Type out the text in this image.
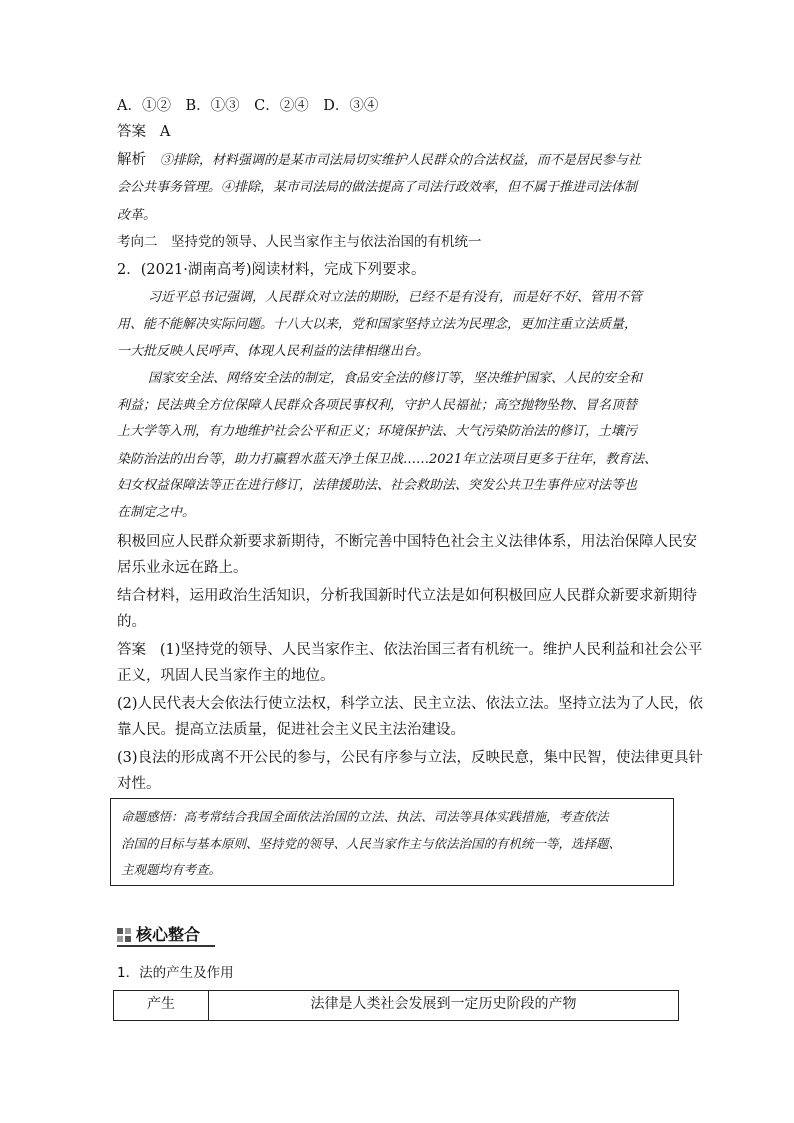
A．①②　B．①③　C．②④　D．③④
答案 A
解析 ③排除，材料强调的是某市司法局切实维护人民群众的合法权益，而不是居民参与社
会公共事务管理。④排除，某市司法局的做法提高了司法行政效率，但不属于推进司法体制
改革。
考向二　坚持党的领导、人民当家作主与依法治国的有机统一
2．(2021·湖南高考)阅读材料，完成下列要求。
习近平总书记强调，人民群众对立法的期盼，已经不是有没有，而是好不好、管用不管
用、能不能解决实际问题。十八大以来，党和国家坚持立法为民理念，更加注重立法质量，
一大批反映人民呼声、体现人民利益的法律相继出台。
国家安全法、网络安全法的制定，食品安全法的修订等，坚决维护国家、人民的安全和
利益；民法典全方位保障人民群众各项民事权利，守护人民福祉；高空抛物坠物、冒名顶替
上大学等入刑，有力地维护社会公平和正义；环境保护法、大气污染防治法的修订，土壤污
染防治法的出台等，助力打赢碧水蓝天净土保卫战……2021年立法项目更多于往年，教育法、
妇女权益保障法等正在进行修订，法律援助法、社会救助法、突发公共卫生事件应对法等也
在制定之中。
积极回应人民群众新要求新期待，不断完善中国特色社会主义法律体系，用法治保障人民安
居乐业永远在路上。
结合材料，运用政治生活知识，分析我国新时代立法是如何积极回应人民群众新要求新期待
的。
答案 (1)坚持党的领导、人民当家作主、依法治国三者有机统一。维护人民利益和社会公平
正义，巩固人民当家作主的地位。
(2)人民代表大会依法行使立法权，科学立法、民主立法、依法立法。坚持立法为了人民，依
靠人民。提高立法质量，促进社会主义民主法治建设。
(3)良法的形成离不开公民的参与，公民有序参与立法，反映民意，集中民智，使法律更具针
对性。
命题感悟：高考常结合我国全面依法治国的立法、执法、司法等具体实践措施，考查依法
治国的目标与基本原则、坚持党的领导、人民当家作主与依法治国的有机统一等，选择题、
主观题均有考查。
核心整合
1．法的产生及作用
产生	法律是人类社会发展到一定历史阶段的产物
